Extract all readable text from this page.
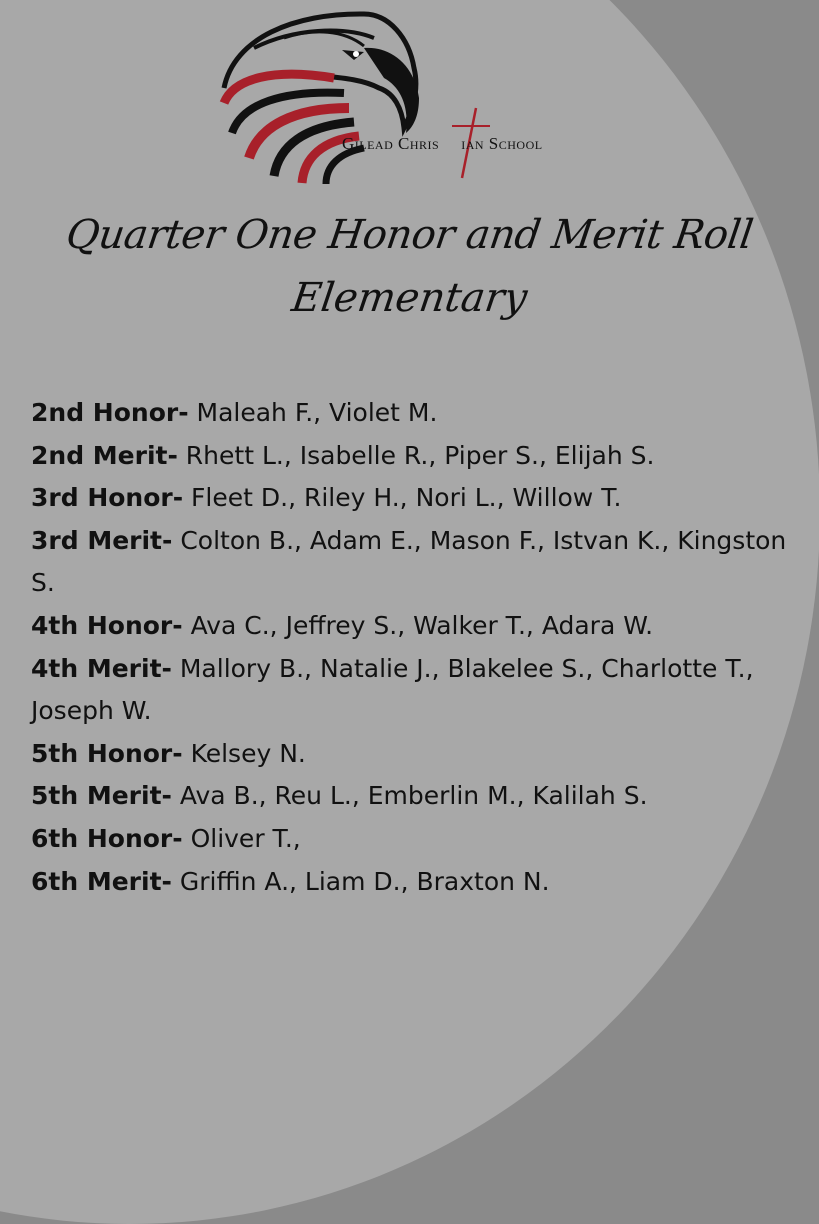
Gilead Chris ian School
Quarter One Honor and Merit Roll
Elementary

2nd Honor- Maleah F., Violet M.

2nd Merit- Rhett L., Isabelle R., Piper S., Elijah S.

3rd Honor- Fleet D., Riley H., Nori L., Willow T.

3rd Merit- Colton B., Adam E., Mason F., Istvan K., Kingston S.

4th Honor- Ava C., Jeffrey S., Walker T., Adara W.

4th Merit- Mallory B., Natalie J., Blakelee S., Charlotte T., Joseph W.

5th Honor- Kelsey N.

5th Merit- Ava B., Reu L., Emberlin M., Kalilah S.

6th Honor- Oliver T.,

6th Merit- Griffin A., Liam D., Braxton N.
